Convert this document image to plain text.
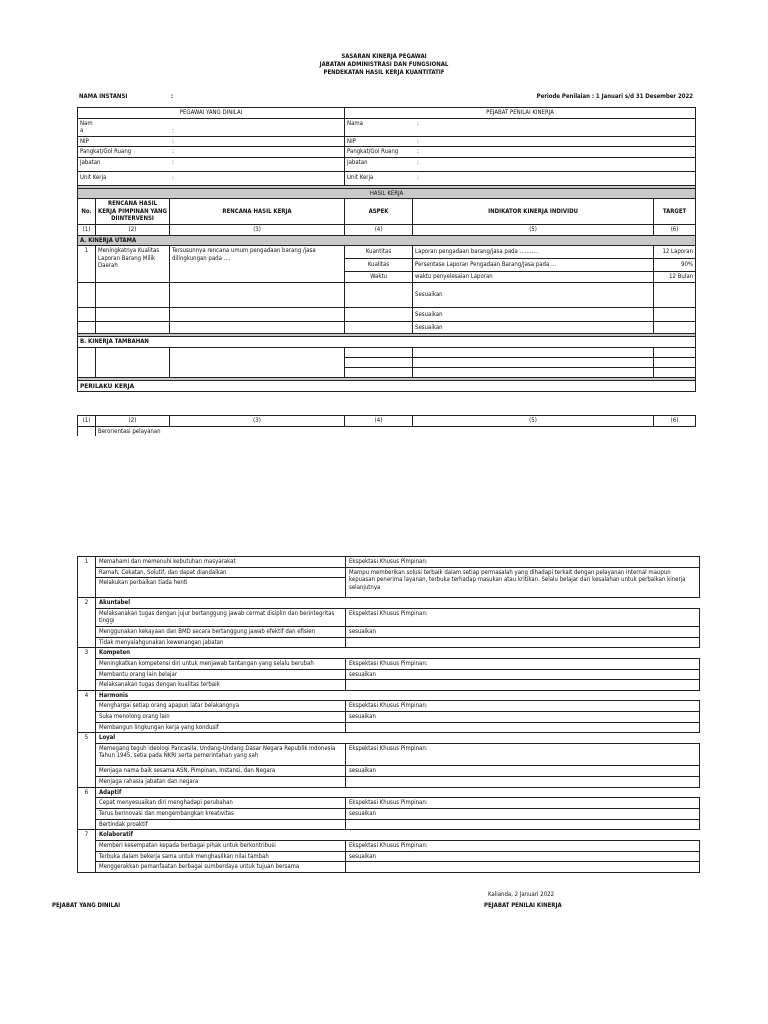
SASARAN KINERJA PEGAWAI
JABATAN ADMINISTRASI DAN FUNGSIONAL
PENDEKATAN HASIL KERJA KUANTITATIF
NAMA INSTANSI	:	Periode Penilaian : 1 Januari s/d 31 Desember 2022
PEGAWAI YANG DINILAI			PEJABAT PENILAI KINERJA		
Nam
a :			Nama :		
NIP :			NIP :		
Pangkat/Gol Ruang :			Pangkat/Gol Ruang :		
Jabatan :			Jabatan :		
Unit Kerja :			Unit Kerja :		

HASIL KERJA					
No.	RENCANA HASIL KERJA PIMPINAN YANG DIINTERVENSI	RENCANA HASIL KERJA	ASPEK	INDIKATOR KINERJA INDIVIDU	TARGET
(1)	(2)	(3)	(4)	(5)	(6)
A. KINERJA UTAMA					
1	Meningkatnya Kualitas Laporan Barang Milik Daerah	Tersusunnya rencana umum pengadaan barang /jasa dilingkungan pada ....	Kuantitas	Laporan pengadaan barang/jasa pada ...........	12 Laporan
			Kualitas	Persentase Laporan Pengadaan Barang/Jasa pada ...	90%
			Waktu	waktu penyelesaian Laporan	12 Bulan
				Sesuaikan	
				Sesuaikan	
				Sesuaikan	

B. KINERJA TAMBAHAN					

PERILAKU KERJA					
(1)	(2)	(3)	(4)	(5)	(6)
	Berorientasi pelayanan				
1	Memahami dan memenuhi kebutuhan masyarakat	Ekspektasi Khusus Pimpinan:
	Ramah, Cekatan, Solutif, dan dapat diandalkan	Mampu memberikan solusi terbaik dalam setiap permasalah yang dihadapi terkait dengan pelayanan internal maupun kepuasan penerima layanan, terbuka terhadap masukan atau kritikan. Selalu belajar dari kesalahan untuk perbaikan kinerja selanjutnya
	Melakukan perbaikan tiada henti	
2	Akuntabel	
	Melaksanakan tugas dengan jujur bertanggung jawab cermat disiplin dan berintegritas tinggi	Ekspektasi Khusus Pimpinan:
	Menggunakan kekayaan dan BMD secara bertanggung jawab efektif dan efisien	sesuaikan
	Tidak menyalahgunakan kewenangan jabatan	
3	Kompeten	
	Meningkatkan kompetensi diri untuk menjawab tantangan yang selalu berubah	Ekspektasi Khusus Pimpinan:
	Membantu orang lain belajar	sesuaikan
	Melaksanakan tugas dengan kualitas terbaik	
4	Harmonis	
	Menghargai setiap orang apapun latar belakangnya	Ekspektasi Khusus Pimpinan:
	Suka menolong orang lain	sesuaikan
	Membangun lingkungan kerja yang kondusif	
5	Loyal	
	Memegang teguh ideologi Pancasila, Undang-Undang Dasar Negara Republik Indonesia Tahun 1945, setia pada NKRI serta pemerintahan yang sah	Ekspektasi Khusus Pimpinan:
	Menjaga nama baik sesama ASN, Pimpinan, Instansi, dan Negara	sesuaikan
	Menjaga rahasia jabatan dan negara	
6	Adaptif	
	Cepat menyesuaikan diri menghadapi perubahan	Ekspektasi Khusus Pimpinan:
	Terus berinovasi dan mengembangkan kreativitas	sesuaikan
	Bertindak proaktif	
7	Kolaboratif	
	Memberi kesempatan kepada berbagai pihak untuk berkontribusi	Ekspektasi Khusus Pimpinan:
	Terbuka dalam bekerja sama untuk menghasilkan nilai tambah	sesuaikan
	Menggerakkan pemanfaatan berbagai sumberdaya untuk tujuan bersama	
Kalianda, 2 Januari 2022
PEJABAT YANG DINILAI	PEJABAT PENILAI KINERJA
